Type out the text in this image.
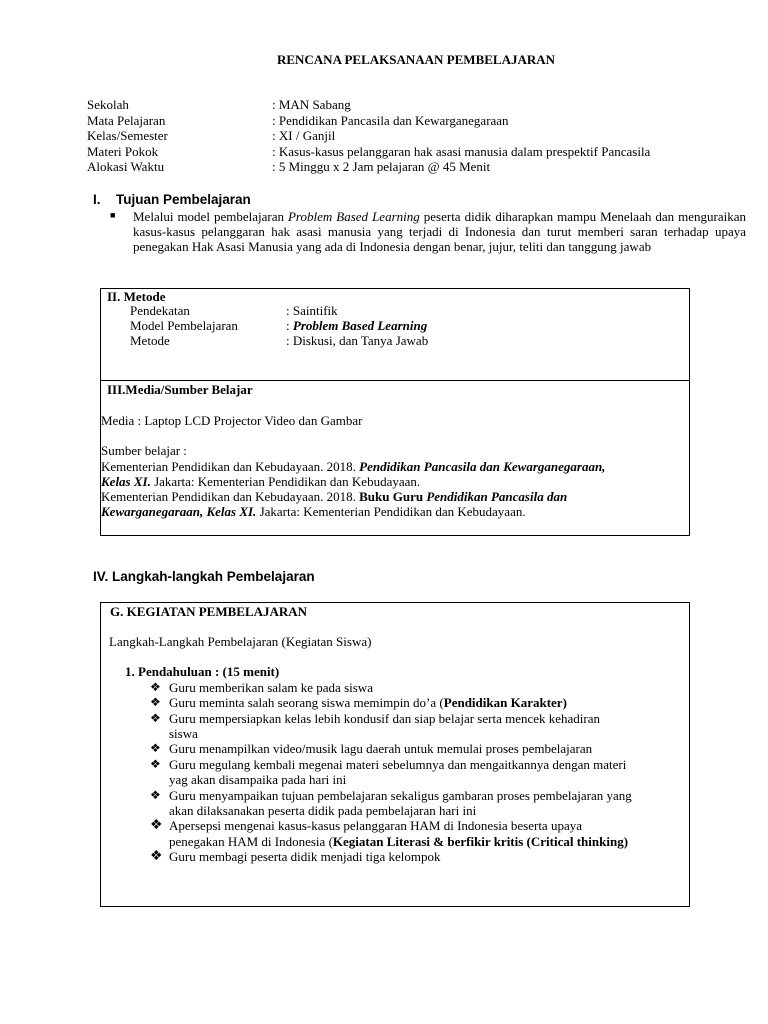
RENCANA PELAKSANAAN PEMBELAJARAN
Sekolah	: MAN Sabang
Mata Pelajaran	: Pendidikan Pancasila dan Kewarganegaraan
Kelas/Semester	: XI / Ganjil
Materi Pokok	: Kasus-kasus pelanggaran hak asasi manusia dalam prespektif Pancasila
Alokasi Waktu	: 5 Minggu x 2 Jam pelajaran @ 45 Menit
I. Tujuan Pembelajaran
■ Melalui model pembelajaran Problem Based Learning peserta didik diharapkan mampu Menelaah dan menguraikan kasus-kasus pelanggaran hak asasi manusia yang terjadi di Indonesia dan turut memberi saran terhadap upaya penegakan Hak Asasi Manusia yang ada di Indonesia dengan benar, jujur, teliti dan tanggung jawab
II. Metode
Pendekatan	: Saintifik
Model Pembelajaran	: Problem Based Learning
Metode	: Diskusi, dan Tanya Jawab
III.Media/Sumber Belajar
Media : Laptop LCD Projector Video dan Gambar
Sumber belajar :
Kementerian Pendidikan dan Kebudayaan. 2018. Pendidikan Pancasila dan Kewarganegaraan,
Kelas XI. Jakarta: Kementerian Pendidikan dan Kebudayaan.
Kementerian Pendidikan dan Kebudayaan. 2018. Buku Guru Pendidikan Pancasila dan
Kewarganegaraan, Kelas XI. Jakarta: Kementerian Pendidikan dan Kebudayaan.
IV. Langkah-langkah Pembelajaran
G. KEGIATAN PEMBELAJARAN
Langkah-Langkah Pembelajaran (Kegiatan Siswa)
1. Pendahuluan : (15 menit)
❖ Guru memberikan salam ke pada siswa
❖ Guru meminta salah seorang siswa memimpin do’a (Pendidikan Karakter)
❖ Guru mempersiapkan kelas lebih kondusif dan siap belajar serta mencek kehadiran
siswa
❖ Guru menampilkan video/musik lagu daerah untuk memulai proses pembelajaran
❖ Guru megulang kembali megenai materi sebelumnya dan mengaitkannya dengan materi
yag akan disampaika pada hari ini
❖ Guru menyampaikan tujuan pembelajaran sekaligus gambaran proses pembelajaran yang
akan dilaksanakan peserta didik pada pembelajaran hari ini
❖ Apersepsi mengenai kasus-kasus pelanggaran HAM di Indonesia beserta upaya
penegakan HAM di Indonesia (Kegiatan Literasi & berfikir kritis (Critical thinking)
❖ Guru membagi peserta didik menjadi tiga kelompok
